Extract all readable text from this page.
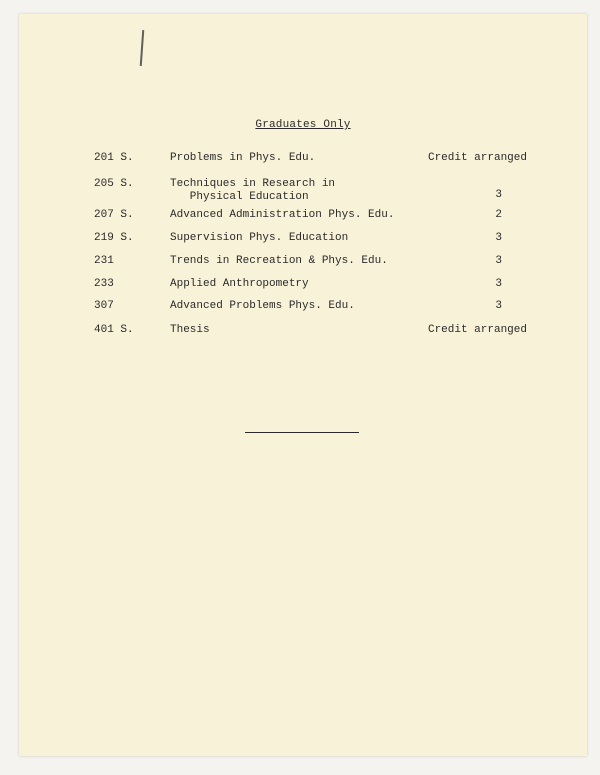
Graduates Only
201 S.	Problems in Phys. Edu.	Credit arranged
205 S.	Techniques in Research in
Physical Education	3
207 S.	Advanced Administration Phys. Edu.	2
219 S.	Supervision Phys. Education	3
231	Trends in Recreation & Phys. Edu.	3
233	Applied Anthropometry	3
307	Advanced Problems Phys. Edu.	3
401 S.	Thesis	Credit arranged
